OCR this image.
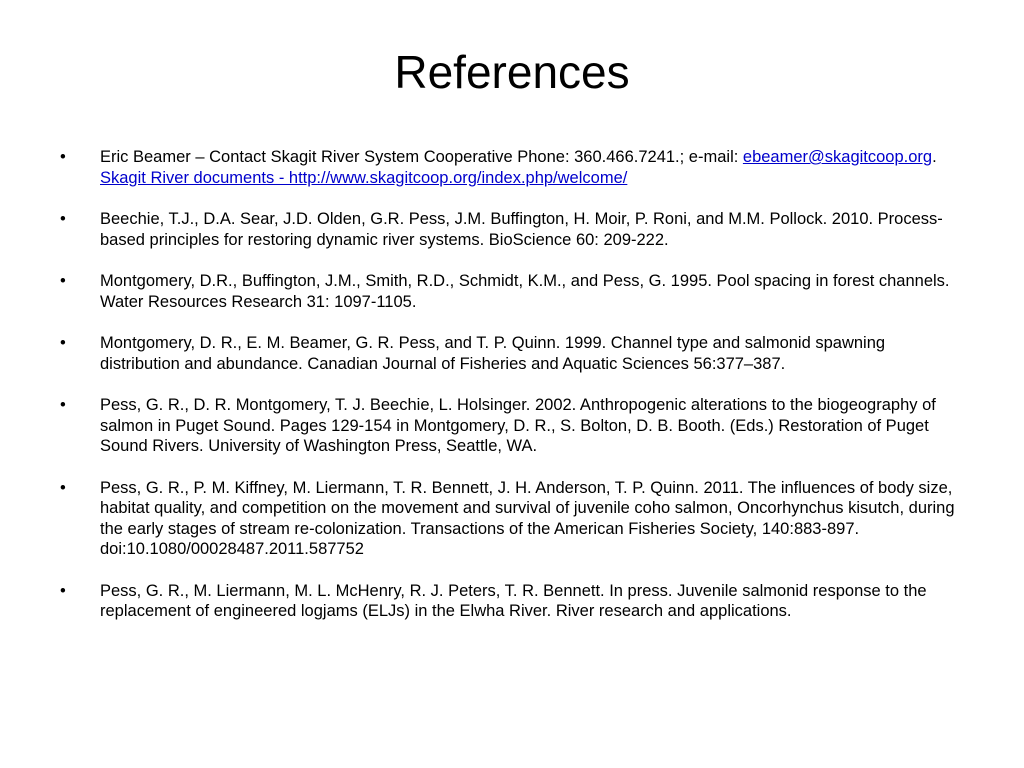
References
•	Eric Beamer – Contact Skagit River System Cooperative Phone: 360.466.7241.; e-mail: ebeamer@skagitcoop.org. Skagit River documents - http://www.skagitcoop.org/index.php/welcome/
•	Beechie, T.J., D.A. Sear, J.D. Olden, G.R. Pess, J.M. Buffington, H. Moir, P. Roni, and M.M. Pollock. 2010. Process-based principles for restoring dynamic river systems. BioScience 60: 209-222.
•	Montgomery, D.R., Buffington, J.M., Smith, R.D., Schmidt, K.M., and Pess, G. 1995. Pool spacing in forest channels. Water Resources Research 31: 1097-1105.
•	Montgomery, D. R., E. M. Beamer, G. R. Pess, and T. P. Quinn. 1999. Channel type and salmonid spawning distribution and abundance. Canadian Journal of Fisheries and Aquatic Sciences 56:377–387.
•	Pess, G. R., D. R. Montgomery, T. J. Beechie, L. Holsinger. 2002. Anthropogenic alterations to the biogeography of salmon in Puget Sound. Pages 129-154 in Montgomery, D. R., S. Bolton, D. B. Booth. (Eds.) Restoration of Puget Sound Rivers. University of Washington Press, Seattle, WA.
•	Pess, G. R., P. M. Kiffney, M. Liermann, T. R. Bennett, J. H. Anderson, T. P. Quinn. 2011. The influences of body size, habitat quality, and competition on the movement and survival of juvenile coho salmon, Oncorhynchus kisutch, during the early stages of stream re-colonization. Transactions of the American Fisheries Society, 140:883-897. doi:10.1080/00028487.2011.587752
•	Pess, G. R., M. Liermann, M. L. McHenry, R. J. Peters, T. R. Bennett. In press. Juvenile salmonid response to the replacement of engineered logjams (ELJs) in the Elwha River. River research and applications.
